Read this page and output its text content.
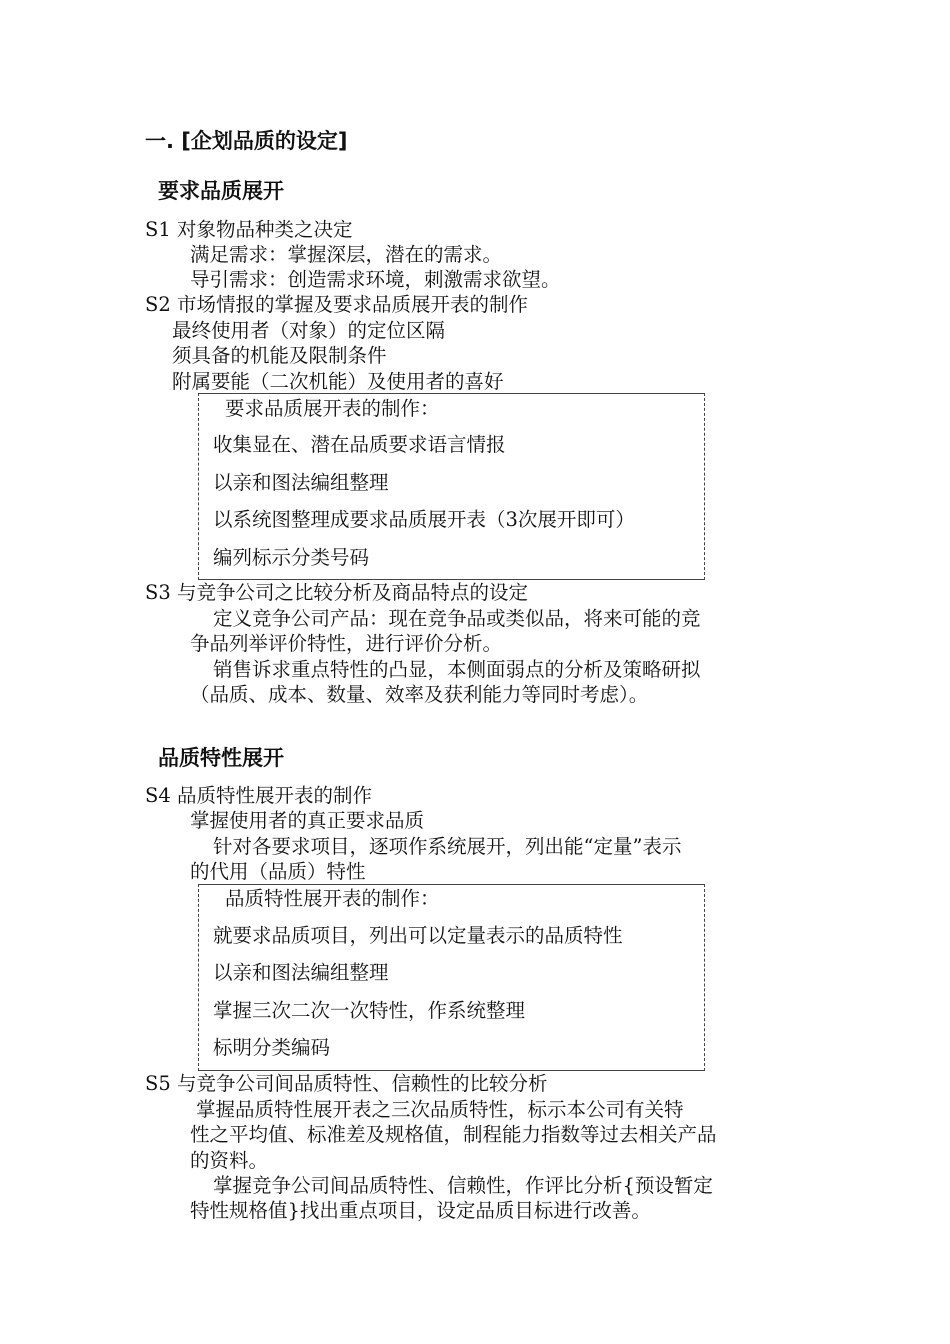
一. [企划品质的设定]
要求品质展开
S1 对象物品种类之决定
满足需求：掌握深层，潜在的需求。
导引需求：创造需求环境，刺激需求欲望。
S2 市场情报的掌握及要求品质展开表的制作
最终使用者（对象）的定位区隔
须具备的机能及限制条件
附属要能（二次机能）及使用者的喜好
要求品质展开表的制作：
收集显在、潜在品质要求语言情报
以亲和图法编组整理
以系统图整理成要求品质展开表（3次展开即可）
编列标示分类号码
S3 与竞争公司之比较分析及商品特点的设定
定义竞争公司产品：现在竞争品或类似品，将来可能的竞
争品列举评价特性，进行评价分析。
销售诉求重点特性的凸显，本侧面弱点的分析及策略研拟
（品质、成本、数量、效率及获利能力等同时考虑）。
品质特性展开
S4 品质特性展开表的制作
掌握使用者的真正要求品质
针对各要求项目，逐项作系统展开，列出能“定量”表示
的代用（品质）特性
品质特性展开表的制作：
就要求品质项目，列出可以定量表示的品质特性
以亲和图法编组整理
掌握三次二次一次特性，作系统整理
标明分类编码
S5 与竞争公司间品质特性、信赖性的比较分析
掌握品质特性展开表之三次品质特性，标示本公司有关特
性之平均值、标准差及规格值，制程能力指数等过去相关产品
的资料。
掌握竞争公司间品质特性、信赖性，作评比分析{预设暂定
特性规格值}找出重点项目，设定品质目标进行改善。
